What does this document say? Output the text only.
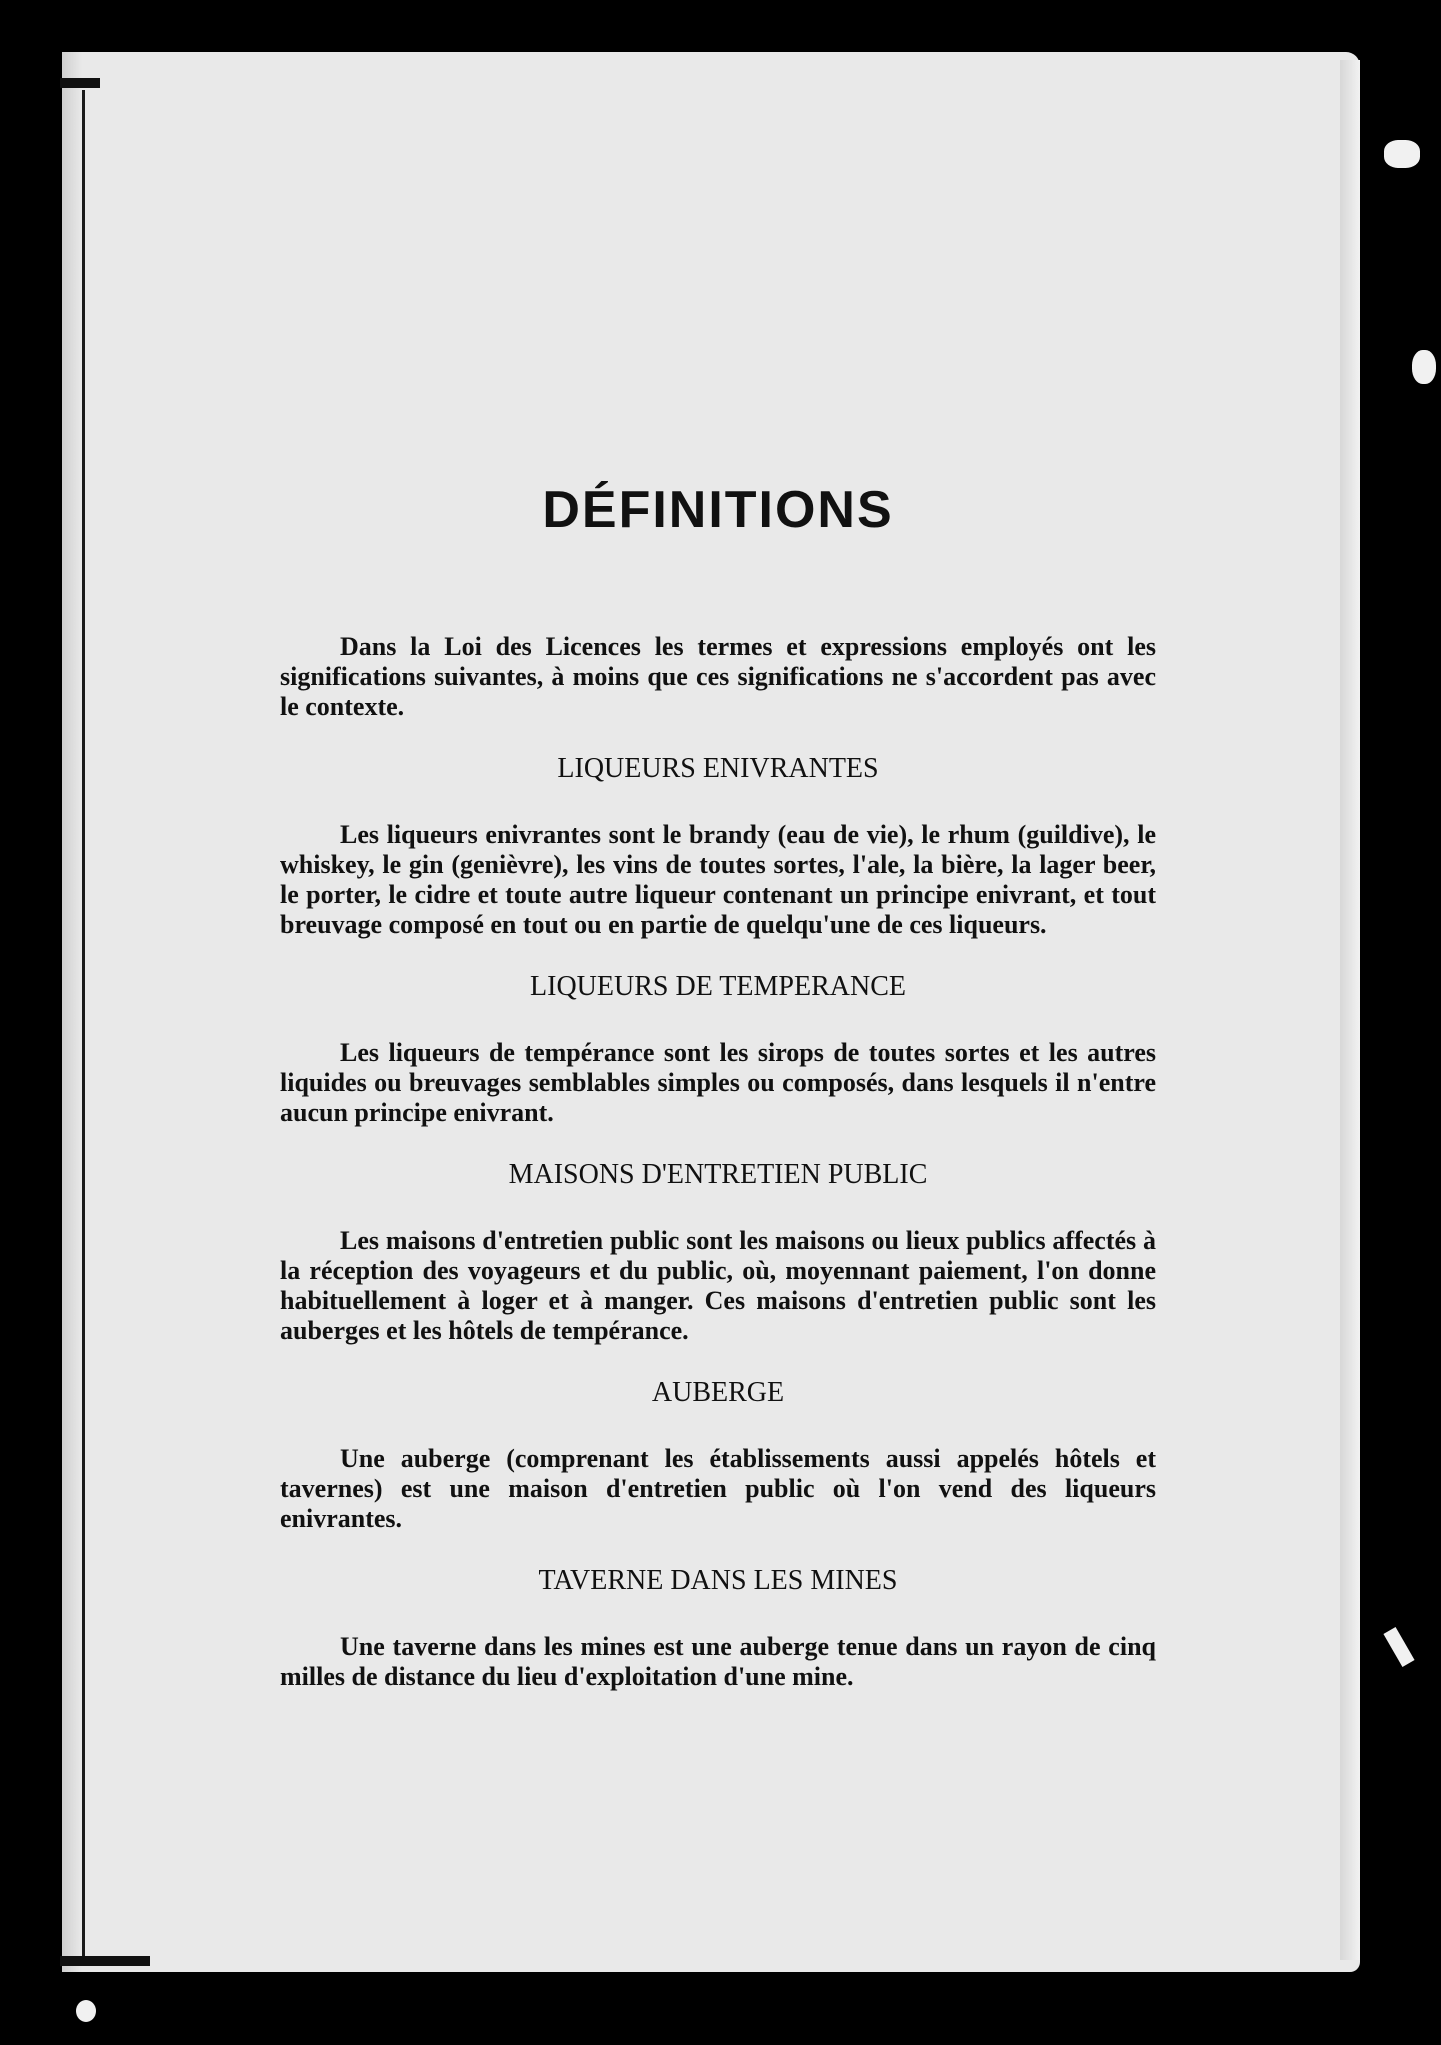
DÉFINITIONS

Dans la Loi des Licences les termes et expressions employés ont les significations suivantes, à moins que ces significations ne s'accordent pas avec le contexte.

LIQUEURS ENIVRANTES

Les liqueurs enivrantes sont le brandy (eau de vie), le rhum (guildive), le whiskey, le gin (genièvre), les vins de toutes sortes, l'ale, la bière, la lager beer, le porter, le cidre et toute autre liqueur contenant un principe enivrant, et tout breuvage composé en tout ou en partie de quelqu'une de ces liqueurs.

LIQUEURS DE TEMPERANCE

Les liqueurs de tempérance sont les sirops de toutes sortes et les autres liquides ou breuvages semblables simples ou composés, dans lesquels il n'entre aucun principe enivrant.

MAISONS D'ENTRETIEN PUBLIC

Les maisons d'entretien public sont les maisons ou lieux publics affectés à la réception des voyageurs et du public, où, moyennant paiement, l'on donne habituellement à loger et à manger. Ces maisons d'entretien public sont les auberges et les hôtels de tempérance.

AUBERGE

Une auberge (comprenant les établissements aussi appelés hôtels et tavernes) est une maison d'entretien public où l'on vend des liqueurs enivrantes.

TAVERNE DANS LES MINES

Une taverne dans les mines est une auberge tenue dans un rayon de cinq milles de distance du lieu d'exploitation d'une mine.
